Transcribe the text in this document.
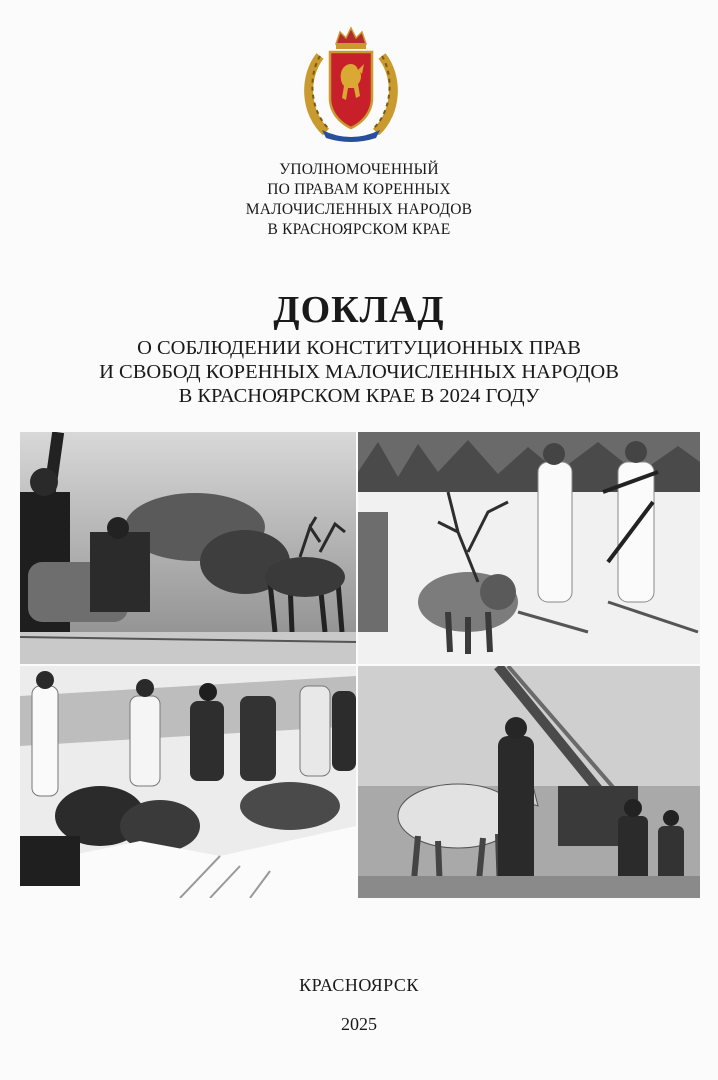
УПОЛНОМОЧЕННЫЙ
ПО ПРАВАМ КОРЕННЫХ
МАЛОЧИСЛЕННЫХ НАРОДОВ
В КРАСНОЯРСКОМ КРАЕ
ДОКЛАД
О СОБЛЮДЕНИИ КОНСТИТУЦИОННЫХ ПРАВ
И СВОБОД КОРЕННЫХ МАЛОЧИСЛЕННЫХ НАРОДОВ
В КРАСНОЯРСКОМ КРАЕ В 2024 ГОДУ
КРАСНОЯРСК
2025
